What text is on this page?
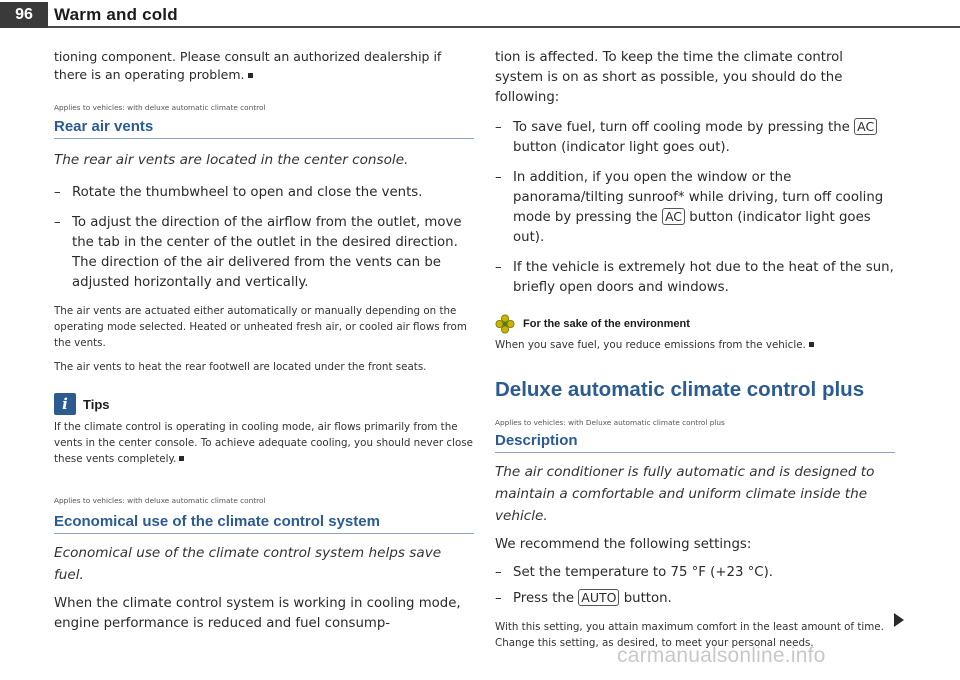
96	Warm and cold

tioning component. Please consult an authorized dealership if there is an operating problem.

Applies to vehicles: with deluxe automatic climate control
Rear air vents

The rear air vents are located in the center console.

– Rotate the thumbwheel to open and close the vents.
– To adjust the direction of the airflow from the outlet, move the tab in the center of the outlet in the desired direction. The direction of the air delivered from the vents can be adjusted horizontally and vertically.

The air vents are actuated either automatically or manually depending on the operating mode selected. Heated or unheated fresh air, or cooled air flows from the vents.

The air vents to heat the rear footwell are located under the front seats.

i	Tips

If the climate control is operating in cooling mode, air flows primarily from the vents in the center console. To achieve adequate cooling, you should never close these vents completely.

Applies to vehicles: with deluxe automatic climate control
Economical use of the climate control system

Economical use of the climate control system helps save fuel.

When the climate control system is working in cooling mode, engine performance is reduced and fuel consump-

tion is affected. To keep the time the climate control system is on as short as possible, you should do the following:

– To save fuel, turn off cooling mode by pressing the AC button (indicator light goes out).
– In addition, if you open the window or the panorama/tilting sunroof* while driving, turn off cooling mode by pressing the AC button (indicator light goes out).
– If the vehicle is extremely hot due to the heat of the sun, briefly open doors and windows.
For the sake of the environment

When you save fuel, you reduce emissions from the vehicle.

Deluxe automatic climate control plus
Applies to vehicles: with Deluxe automatic climate control plus
Description

The air conditioner is fully automatic and is designed to maintain a comfortable and uniform climate inside the vehicle.

We recommend the following settings:

– Set the temperature to 75 °F (+23 °C).
– Press the AUTO button.

With this setting, you attain maximum comfort in the least amount of time. Change this setting, as desired, to meet your personal needs.

carmanualsonline.info
